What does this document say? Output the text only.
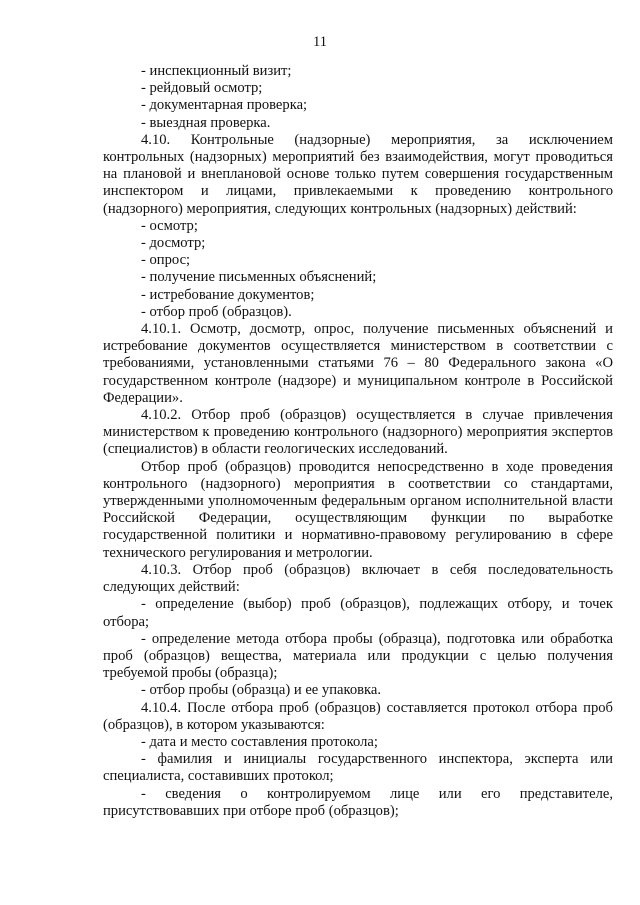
11

- инспекционный визит;

- рейдовый осмотр;

- документарная проверка;

- выездная проверка.

4.10. Контрольные (надзорные) мероприятия, за исключением контрольных (надзорных) мероприятий без взаимодействия, могут проводиться на плановой и внеплановой основе только путем совершения государственным инспектором и лицами, привлекаемыми к проведению контрольного (надзорного) мероприятия, следующих контрольных (надзорных) действий:

- осмотр;

- досмотр;

- опрос;

- получение письменных объяснений;

- истребование документов;

- отбор проб (образцов).

4.10.1. Осмотр, досмотр, опрос, получение письменных объяснений и истребование документов осуществляется министерством в соответствии с требованиями, установленными статьями 76 – 80 Федерального закона «О государственном контроле (надзоре) и муниципальном контроле в Российской Федерации».

4.10.2. Отбор проб (образцов) осуществляется в случае привлечения министерством к проведению контрольного (надзорного) мероприятия экспертов (специалистов) в области геологических исследований.

Отбор проб (образцов) проводится непосредственно в ходе проведения контрольного (надзорного) мероприятия в соответствии со стандартами, утвержденными уполномоченным федеральным органом исполнительной власти Российской Федерации, осуществляющим функции по выработке государственной политики и нормативно-правовому регулированию в сфере технического регулирования и метрологии.

4.10.3. Отбор проб (образцов) включает в себя последовательность следующих действий:

- определение (выбор) проб (образцов), подлежащих отбору, и точек отбора;

- определение метода отбора пробы (образца), подготовка или обработка проб (образцов) вещества, материала или продукции с целью получения требуемой пробы (образца);

- отбор пробы (образца) и ее упаковка.

4.10.4. После отбора проб (образцов) составляется протокол отбора проб (образцов), в котором указываются:

- дата и место составления протокола;

- фамилия и инициалы государственного инспектора, эксперта или специалиста, составивших протокол;

- сведения о контролируемом лице или его представителе, присутствовавших при отборе проб (образцов);
